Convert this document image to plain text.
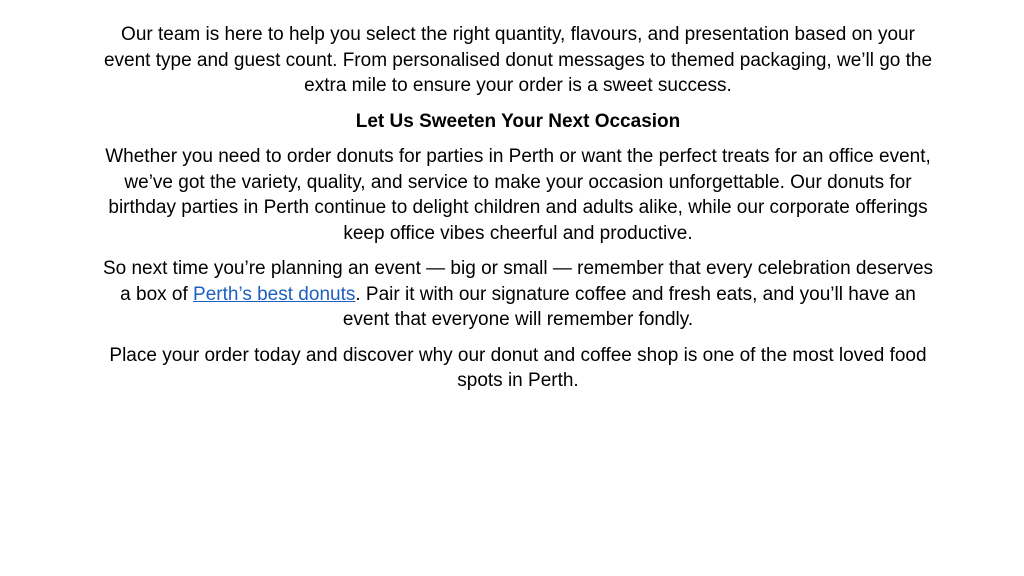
Our team is here to help you select the right quantity, flavours, and presentation based on your event type and guest count. From personalised donut messages to themed packaging, we’ll go the extra mile to ensure your order is a sweet success.

Let Us Sweeten Your Next Occasion

Whether you need to order donuts for parties in Perth or want the perfect treats for an office event, we’ve got the variety, quality, and service to make your occasion unforgettable. Our donuts for birthday parties in Perth continue to delight children and adults alike, while our corporate offerings keep office vibes cheerful and productive.

So next time you’re planning an event — big or small — remember that every celebration deserves a box of Perth’s best donuts. Pair it with our signature coffee and fresh eats, and you’ll have an event that everyone will remember fondly.

Place your order today and discover why our donut and coffee shop is one of the most loved food spots in Perth.
